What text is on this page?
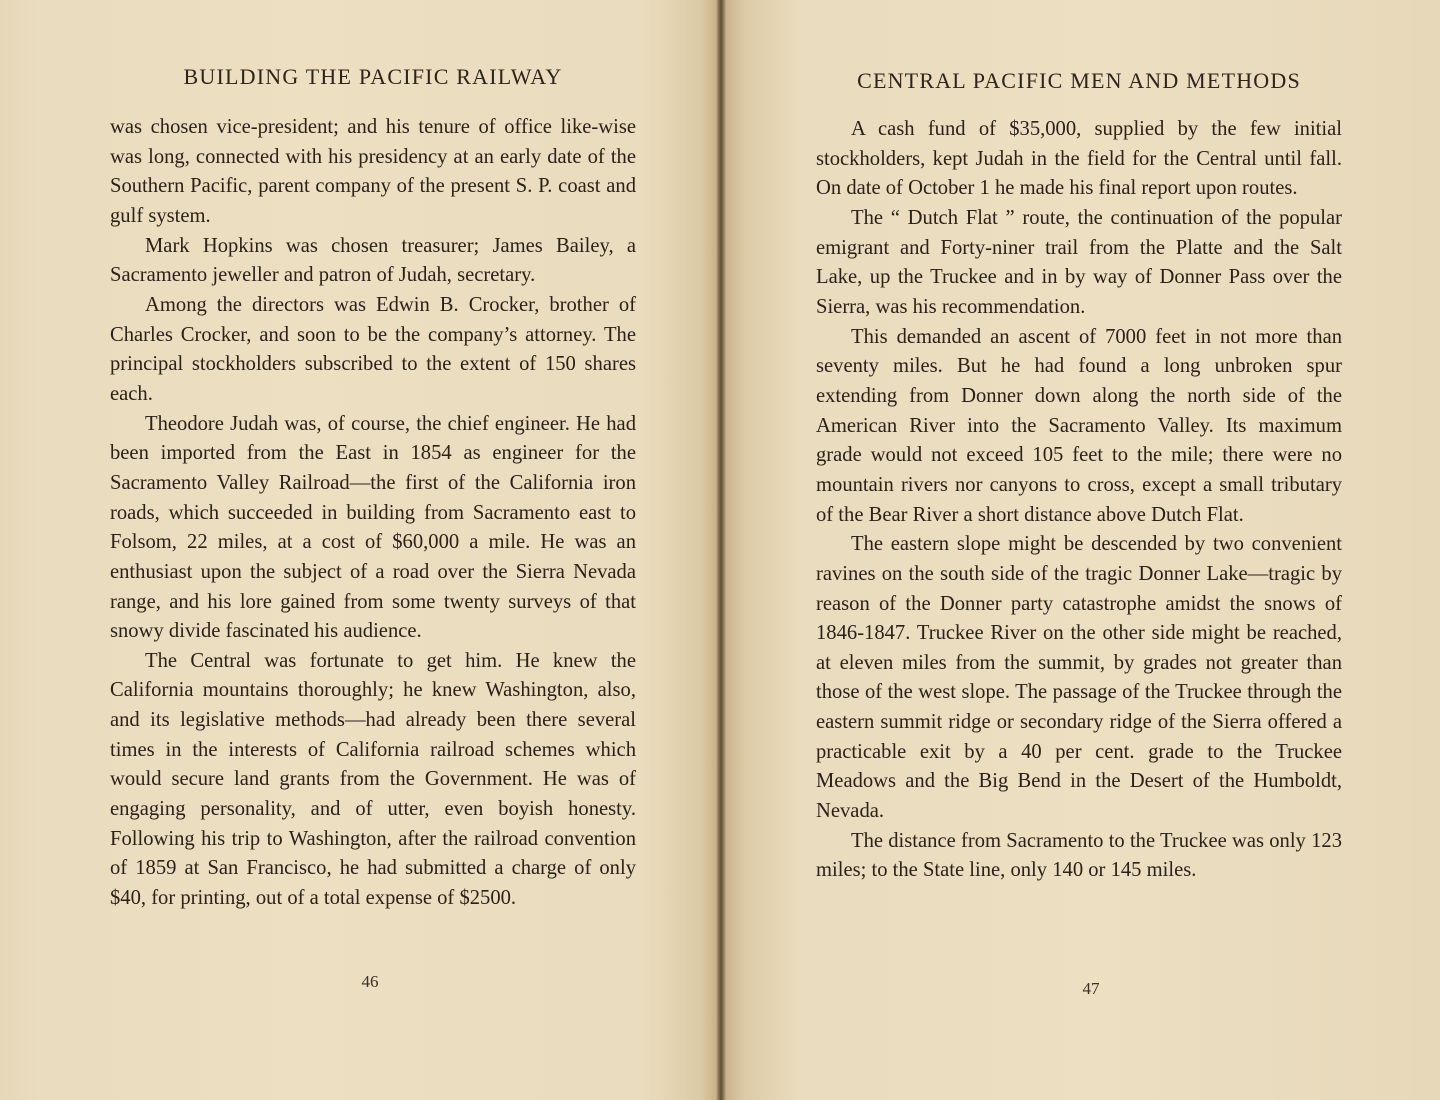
BUILDING THE PACIFIC RAILWAY

was chosen vice-president; and his tenure of office like-wise was long, connected with his presidency at an early date of the Southern Pacific, parent company of the present S. P. coast and gulf system.

Mark Hopkins was chosen treasurer; James Bailey, a Sacramento jeweller and patron of Judah, secretary.

Among the directors was Edwin B. Crocker, brother of Charles Crocker, and soon to be the company’s attorney. The principal stockholders subscribed to the extent of 150 shares each.

Theodore Judah was, of course, the chief engineer. He had been imported from the East in 1854 as engineer for the Sacramento Valley Railroad—the first of the California iron roads, which succeeded in building from Sacramento east to Folsom, 22 miles, at a cost of $60,000 a mile. He was an enthusiast upon the subject of a road over the Sierra Nevada range, and his lore gained from some twenty surveys of that snowy divide fascinated his audience.

The Central was fortunate to get him. He knew the California mountains thoroughly; he knew Washington, also, and its legislative methods—had already been there several times in the interests of California railroad schemes which would secure land grants from the Government. He was of engaging personality, and of utter, even boyish honesty. Following his trip to Washington, after the railroad convention of 1859 at San Francisco, he had submitted a charge of only $40, for printing, out of a total expense of $2500.

46
CENTRAL PACIFIC MEN AND METHODS

A cash fund of $35,000, supplied by the few initial stockholders, kept Judah in the field for the Central until fall. On date of October 1 he made his final report upon routes.

The “ Dutch Flat ” route, the continuation of the popular emigrant and Forty-niner trail from the Platte and the Salt Lake, up the Truckee and in by way of Donner Pass over the Sierra, was his recommendation.

This demanded an ascent of 7000 feet in not more than seventy miles. But he had found a long unbroken spur extending from Donner down along the north side of the American River into the Sacramento Valley. Its maximum grade would not exceed 105 feet to the mile; there were no mountain rivers nor canyons to cross, except a small tributary of the Bear River a short distance above Dutch Flat.

The eastern slope might be descended by two convenient ravines on the south side of the tragic Donner Lake—tragic by reason of the Donner party catastrophe amidst the snows of 1846-1847. Truckee River on the other side might be reached, at eleven miles from the summit, by grades not greater than those of the west slope. The passage of the Truckee through the eastern summit ridge or secondary ridge of the Sierra offered a practicable exit by a 40 per cent. grade to the Truckee Meadows and the Big Bend in the Desert of the Humboldt, Nevada.

The distance from Sacramento to the Truckee was only 123 miles; to the State line, only 140 or 145 miles.

47
